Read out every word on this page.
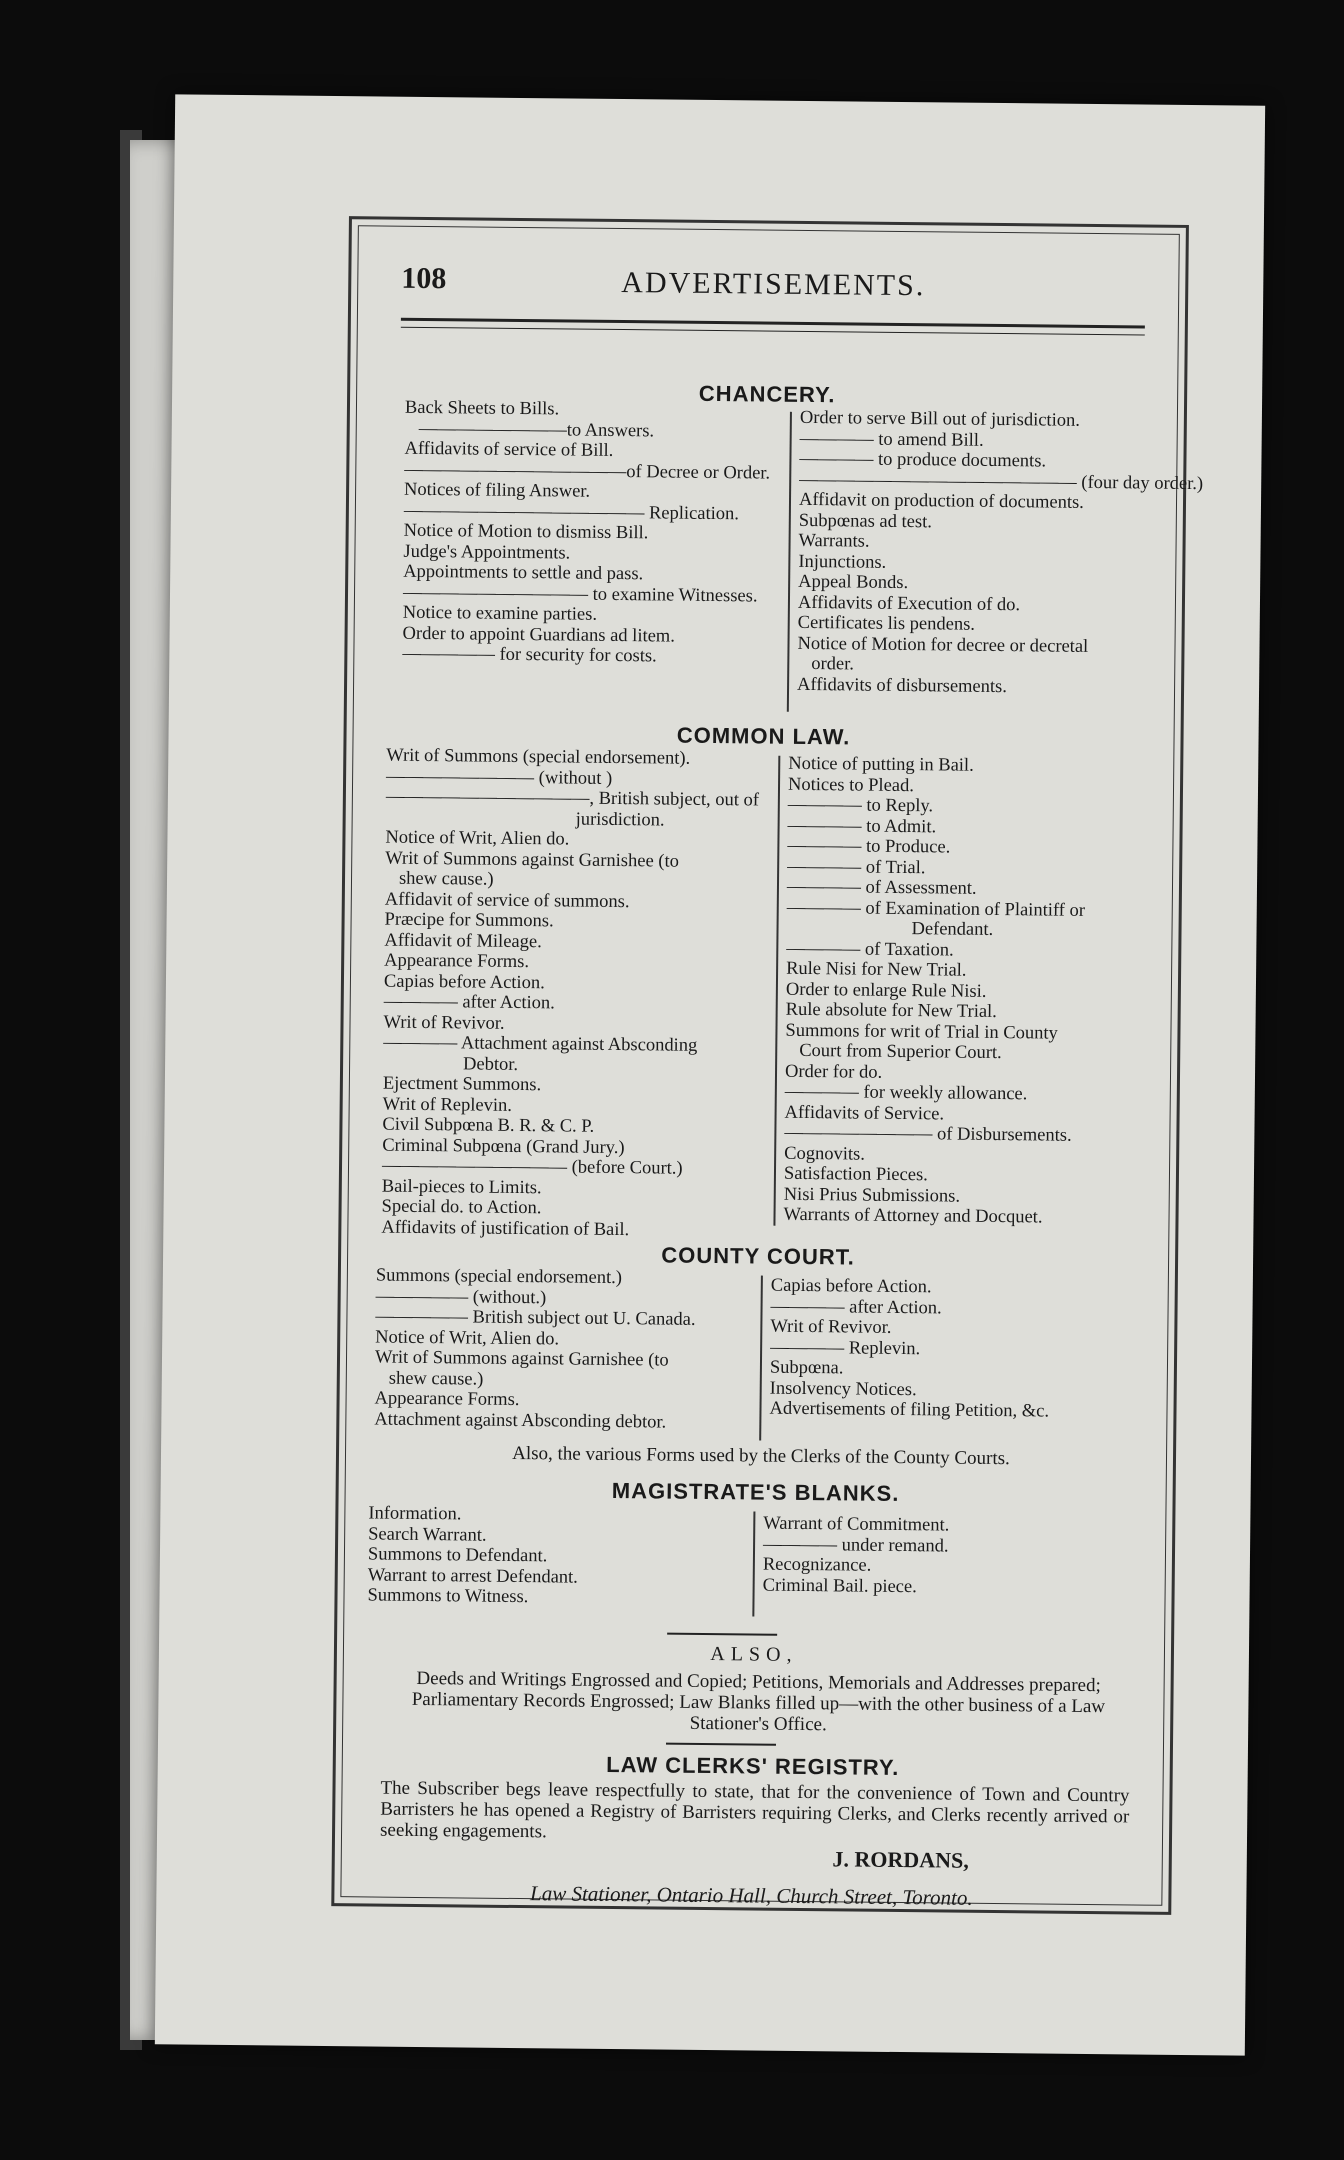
108	ADVERTISEMENTS.
CHANCERY.
Back Sheets to Bills.
————————to Answers.
Affidavits of service of Bill.
————————————of Decree or Order.
Notices of filing Answer.
————————————— Replication.
Notice of Motion to dismiss Bill.
Judge's Appointments.
Appointments to settle and pass.
—————————— to examine Witnesses.
Notice to examine parties.
Order to appoint Guardians ad litem.
————— for security for costs.
Order to serve Bill out of jurisdiction.
———— to amend Bill.
———— to produce documents.
——————————————— (four day order.)
Affidavit on production of documents.
Subpœnas ad test.
Warrants.
Injunctions.
Appeal Bonds.
Affidavits of Execution of do.
Certificates lis pendens.
Notice of Motion for decree or decretal
order.
Affidavits of disbursements.
COMMON LAW.
Writ of Summons (special endorsement).
———————— (without )
———————————, British subject, out of
jurisdiction.
Notice of Writ, Alien do.
Writ of Summons against Garnishee (to
shew cause.)
Affidavit of service of summons.
Præcipe for Summons.
Affidavit of Mileage.
Appearance Forms.
Capias before Action.
———— after Action.
Writ of Revivor.
———— Attachment against Absconding
Debtor.
Ejectment Summons.
Writ of Replevin.
Civil Subpœna B. R. & C. P.
Criminal Subpœna (Grand Jury.)
—————————— (before Court.)
Bail-pieces to Limits.
Special do. to Action.
Affidavits of justification of Bail.
Notice of putting in Bail.
Notices to Plead.
———— to Reply.
———— to Admit.
———— to Produce.
———— of Trial.
———— of Assessment.
———— of Examination of Plaintiff or
Defendant.
———— of Taxation.
Rule Nisi for New Trial.
Order to enlarge Rule Nisi.
Rule absolute for New Trial.
Summons for writ of Trial in County
Court from Superior Court.
Order for do.
———— for weekly allowance.
Affidavits of Service.
———————— of Disbursements.
Cognovits.
Satisfaction Pieces.
Nisi Prius Submissions.
Warrants of Attorney and Docquet.
COUNTY COURT.
Summons (special endorsement.)
————— (without.)
————— British subject out U. Canada.
Notice of Writ, Alien do.
Writ of Summons against Garnishee (to
shew cause.)
Appearance Forms.
Attachment against Absconding debtor.
Capias before Action.
———— after Action.
Writ of Revivor.
———— Replevin.
Subpœna.
Insolvency Notices.
Advertisements of filing Petition, &c.
Also, the various Forms used by the Clerks of the County Courts.
MAGISTRATE'S BLANKS.
Information.
Search Warrant.
Summons to Defendant.
Warrant to arrest Defendant.
Summons to Witness.
Warrant of Commitment.
———— under remand.
Recognizance.
Criminal Bail. piece.
ALSO,
Deeds and Writings Engrossed and Copied; Petitions, Memorials and Addresses prepared; Parliamentary Records Engrossed; Law Blanks filled up—with the other business of a Law Stationer's Office.
LAW CLERKS' REGISTRY.
The Subscriber begs leave respectfully to state, that for the convenience of Town and Country Barristers he has opened a Registry of Barristers requiring Clerks, and Clerks recently arrived or seeking engagements.
J. RORDANS,
Law Stationer, Ontario Hall, Church Street, Toronto.
